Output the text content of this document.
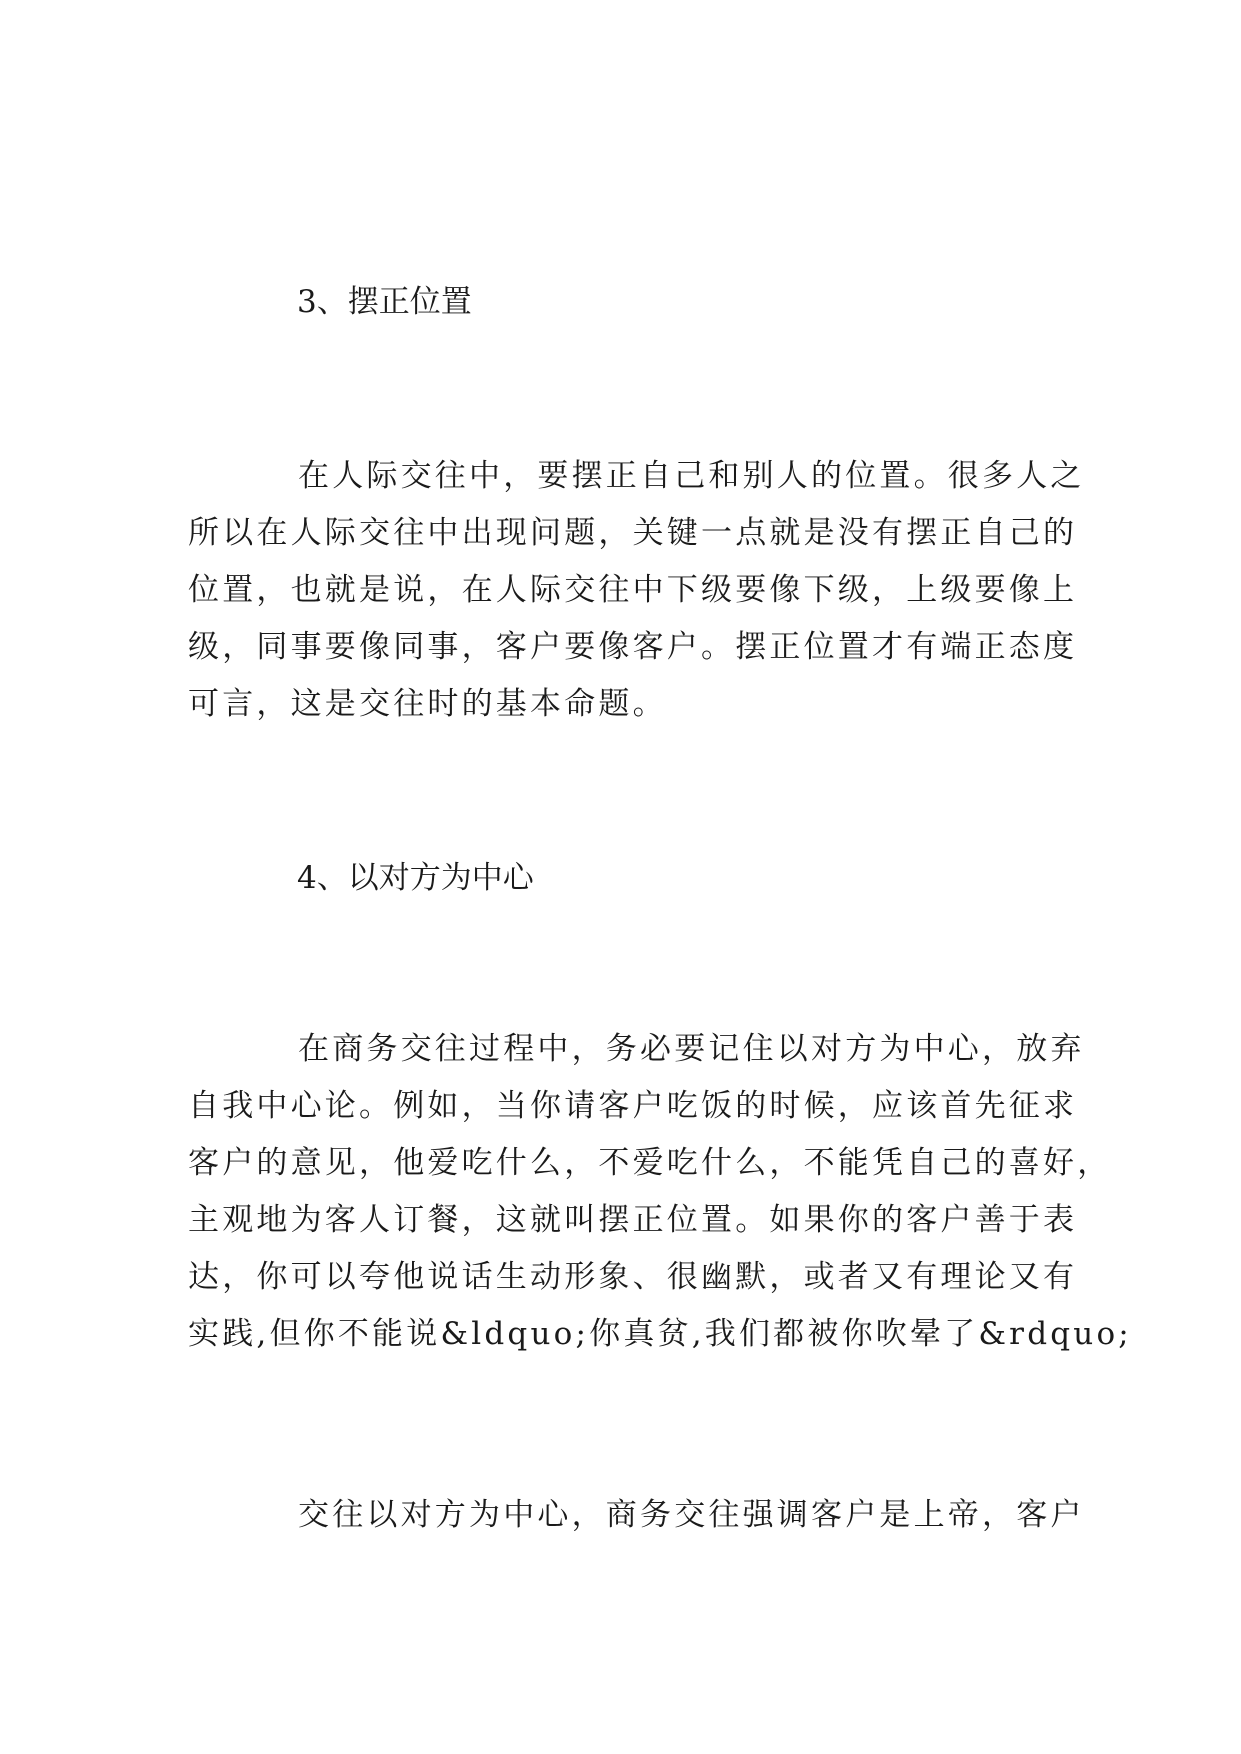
3、摆正位置
在人际交往中，要摆正自己和别人的位置。很多人之
所以在人际交往中出现问题，关键一点就是没有摆正自己的
位置，也就是说，在人际交往中下级要像下级，上级要像上
级，同事要像同事，客户要像客户。摆正位置才有端正态度
可言，这是交往时的基本命题。
4、以对方为中心
在商务交往过程中，务必要记住以对方为中心，放弃
自我中心论。例如，当你请客户吃饭的时候，应该首先征求
客户的意见，他爱吃什么，不爱吃什么，不能凭自己的喜好，
主观地为客人订餐，这就叫摆正位置。如果你的客户善于表
达，你可以夸他说话生动形象、很幽默，或者又有理论又有
实践,但你不能说&ldquo;你真贫,我们都被你吹晕了&rdquo;
交往以对方为中心，商务交往强调客户是上帝，客户
